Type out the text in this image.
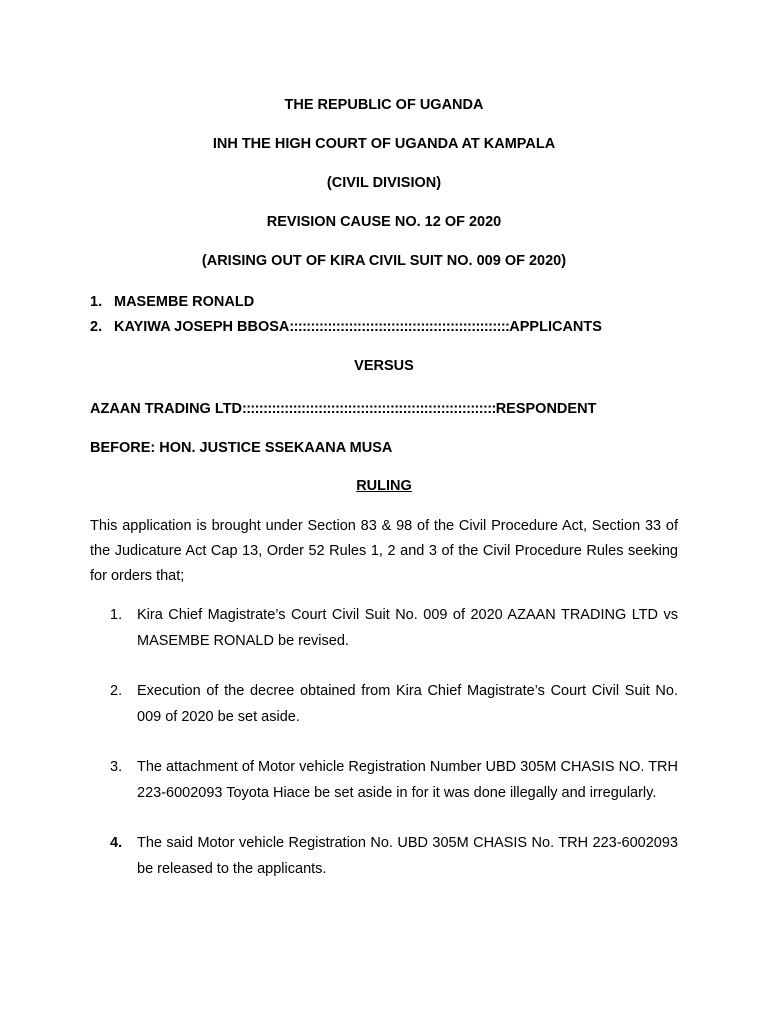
THE REPUBLIC OF UGANDA
INH THE HIGH COURT OF UGANDA AT KAMPALA
(CIVIL DIVISION)
REVISION CAUSE NO. 12 OF 2020
(ARISING OUT OF KIRA CIVIL SUIT NO. 009 OF 2020)
1. MASEMBE RONALD
2. KAYIWA JOSEPH BBOSA :::::::::::::::::::::::::::::::::::::::::::::::::::: APPLICANTS
VERSUS
AZAAN TRADING LTD::::::::::::::::::::::::::::::::::::::::::::::::::::::::::::RESPONDENT
BEFORE: HON. JUSTICE SSEKAANA MUSA
RULING
This application is brought under Section 83 & 98 of the Civil Procedure Act, Section 33 of the Judicature Act Cap 13, Order 52 Rules 1, 2 and 3 of the Civil Procedure Rules seeking for orders that;
1.	Kira Chief Magistrate’s Court Civil Suit No. 009 of 2020 AZAAN TRADING LTD vs MASEMBE RONALD be revised.
2.	Execution of the decree obtained from Kira Chief Magistrate’s Court Civil Suit No. 009 of 2020 be set aside.
3.	The attachment of Motor vehicle Registration Number UBD 305M CHASIS NO. TRH 223-6002093 Toyota Hiace be set aside in for it was done illegally and irregularly.
4.	The said Motor vehicle Registration No. UBD 305M CHASIS No. TRH 223-6002093 be released to the applicants.
